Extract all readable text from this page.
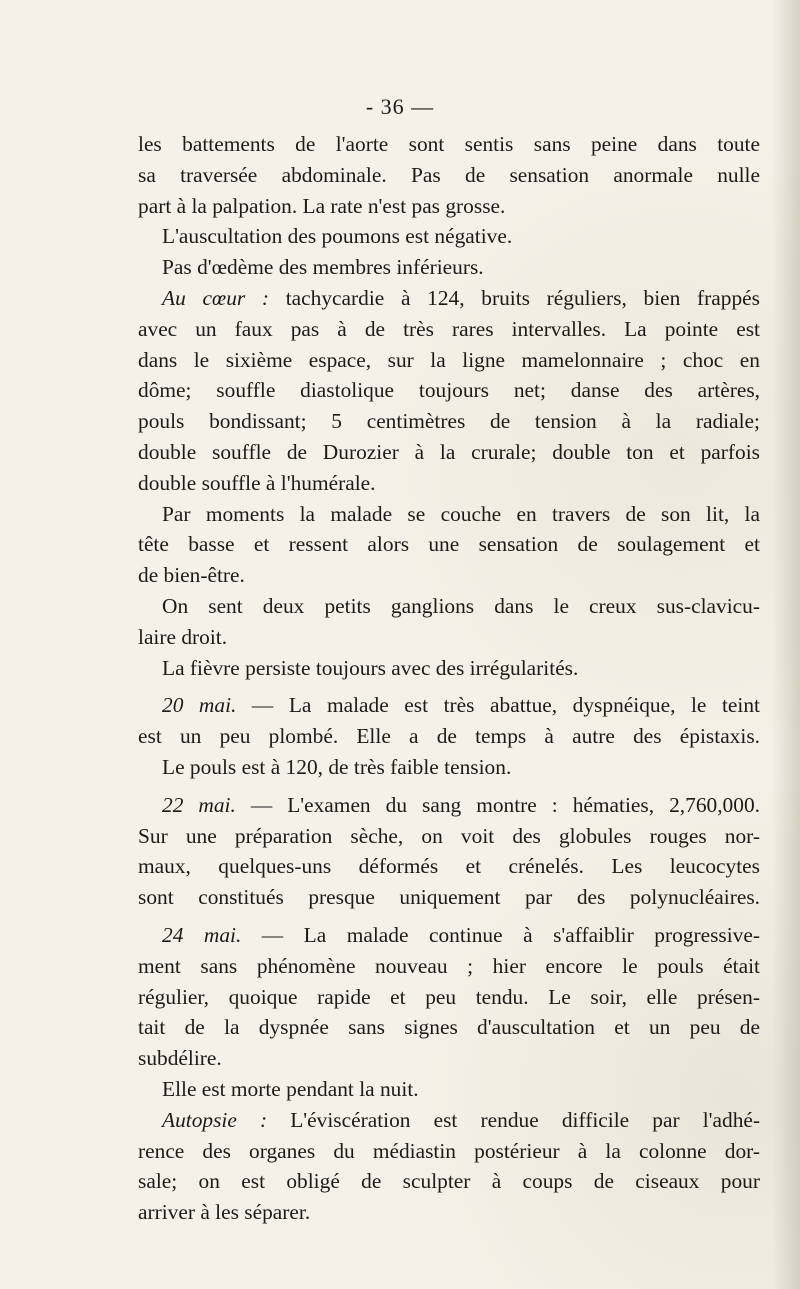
- 36 —
les battements de l'aorte sont sentis sans peine dans toute
sa traversée abdominale. Pas de sensation anormale nulle
part à la palpation. La rate n'est pas grosse.
L'auscultation des poumons est négative.
Pas d'œdème des membres inférieurs.
Au cœur : tachycardie à 124, bruits réguliers, bien frappés
avec un faux pas à de très rares intervalles. La pointe est
dans le sixième espace, sur la ligne mamelonnaire ; choc en
dôme; souffle diastolique toujours net; danse des artères,
pouls bondissant; 5 centimètres de tension à la radiale;
double souffle de Durozier à la crurale; double ton et parfois
double souffle à l'humérale.
Par moments la malade se couche en travers de son lit, la
tête basse et ressent alors une sensation de soulagement et
de bien-être.
On sent deux petits ganglions dans le creux sus-clavicu-
laire droit.
La fièvre persiste toujours avec des irrégularités.
20 mai. — La malade est très abattue, dyspnéique, le teint
est un peu plombé. Elle a de temps à autre des épistaxis.
Le pouls est à 120, de très faible tension.
22 mai. — L'examen du sang montre : hématies, 2,760,000.
Sur une préparation sèche, on voit des globules rouges nor-
maux, quelques-uns déformés et crénelés. Les leucocytes
sont constitués presque uniquement par des polynucléaires.
24 mai. — La malade continue à s'affaiblir progressive-
ment sans phénomène nouveau ; hier encore le pouls était
régulier, quoique rapide et peu tendu. Le soir, elle présen-
tait de la dyspnée sans signes d'auscultation et un peu de
subdélire.
Elle est morte pendant la nuit.
Autopsie : L'éviscération est rendue difficile par l'adhé-
rence des organes du médiastin postérieur à la colonne dor-
sale; on est obligé de sculpter à coups de ciseaux pour
arriver à les séparer.
